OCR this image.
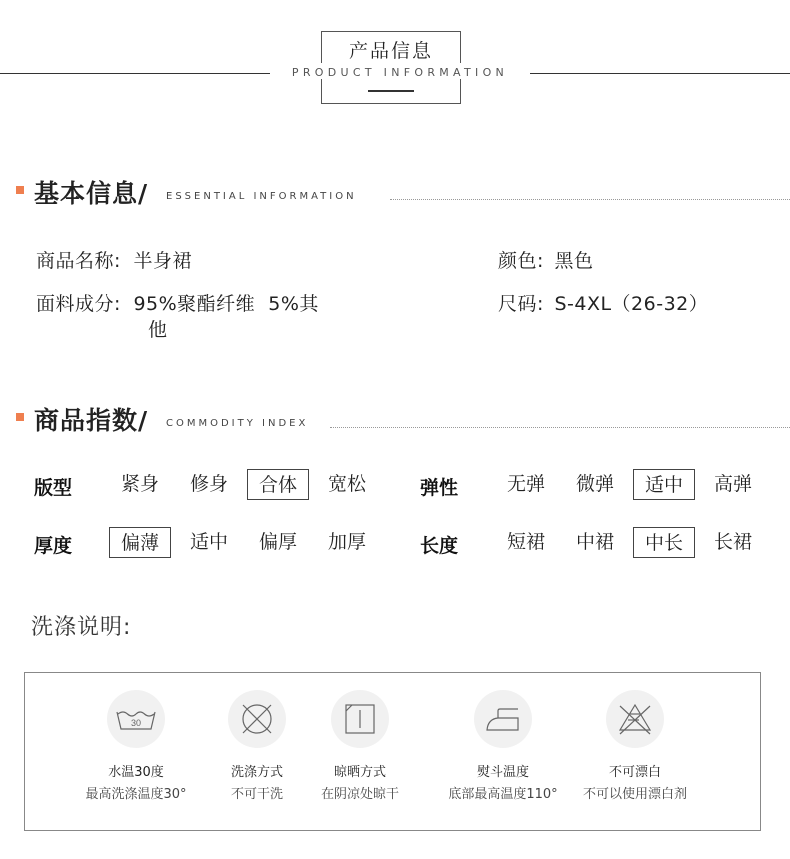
产品信息
PRODUCT INFORMATION
基本信息/ ESSENTIAL INFORMATION
商品名称: 半身裙	颜色: 黑色
面料成分: 95%聚酯纤维  5%其
他
尺码: S-4XL（26-32）
商品指数/ COMMODITY INDEX
版型	紧身	修身	合体	宽松	弹性	无弹	微弹	适中	高弹
厚度	偏薄	适中	偏厚	加厚	长度	短裙	中裙	中长	长裙
洗涤说明:
30
水温30度
最高洗涤温度30°
洗涤方式
不可干洗
晾晒方式
在阴凉处晾干
熨斗温度
底部最高温度110°
不可漂白
不可以使用漂白剂
